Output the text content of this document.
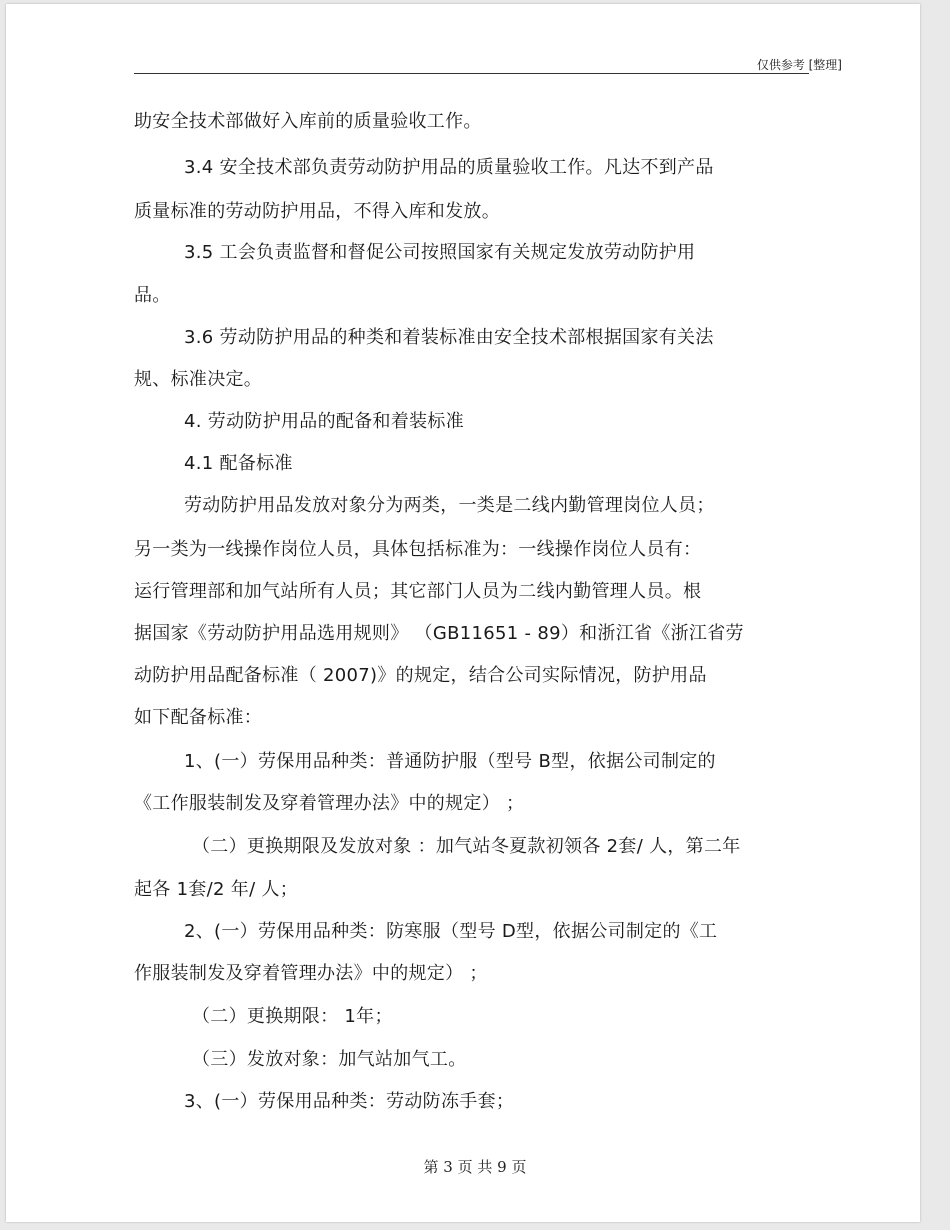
仅供参考 [整理]
助安全技术部做好入库前的质量验收工作。
3.4 安全技术部负责劳动防护用品的质量验收工作。凡达不到产品
质量标准的劳动防护用品，不得入库和发放。
3.5 工会负责监督和督促公司按照国家有关规定发放劳动防护用
品。
3.6 劳动防护用品的种类和着装标准由安全技术部根据国家有关法
规、标准决定。
4. 劳动防护用品的配备和着装标准
4.1 配备标准
劳动防护用品发放对象分为两类，一类是二线内勤管理岗位人员；
另一类为一线操作岗位人员，具体包括标准为：一线操作岗位人员有：
运行管理部和加气站所有人员；其它部门人员为二线内勤管理人员。根
据国家《劳动防护用品选用规则》 （GB11651 - 89）和浙江省《浙江省劳
动防护用品配备标准（ 2007)》的规定，结合公司实际情况，防护用品
如下配备标准：
1、(一）劳保用品种类：普通防护服（型号 B型，依据公司制定的
《工作服装制发及穿着管理办法》中的规定） ；
（二）更换期限及发放对象 ：加气站冬夏款初领各 2套/ 人，第二年
起各 1套/2 年/ 人；
2、(一）劳保用品种类：防寒服（型号 D型，依据公司制定的《工
作服装制发及穿着管理办法》中的规定） ；
（二）更换期限： 1年；
（三）发放对象：加气站加气工。
3、(一）劳保用品种类：劳动防冻手套；
第 3 页 共 9 页
